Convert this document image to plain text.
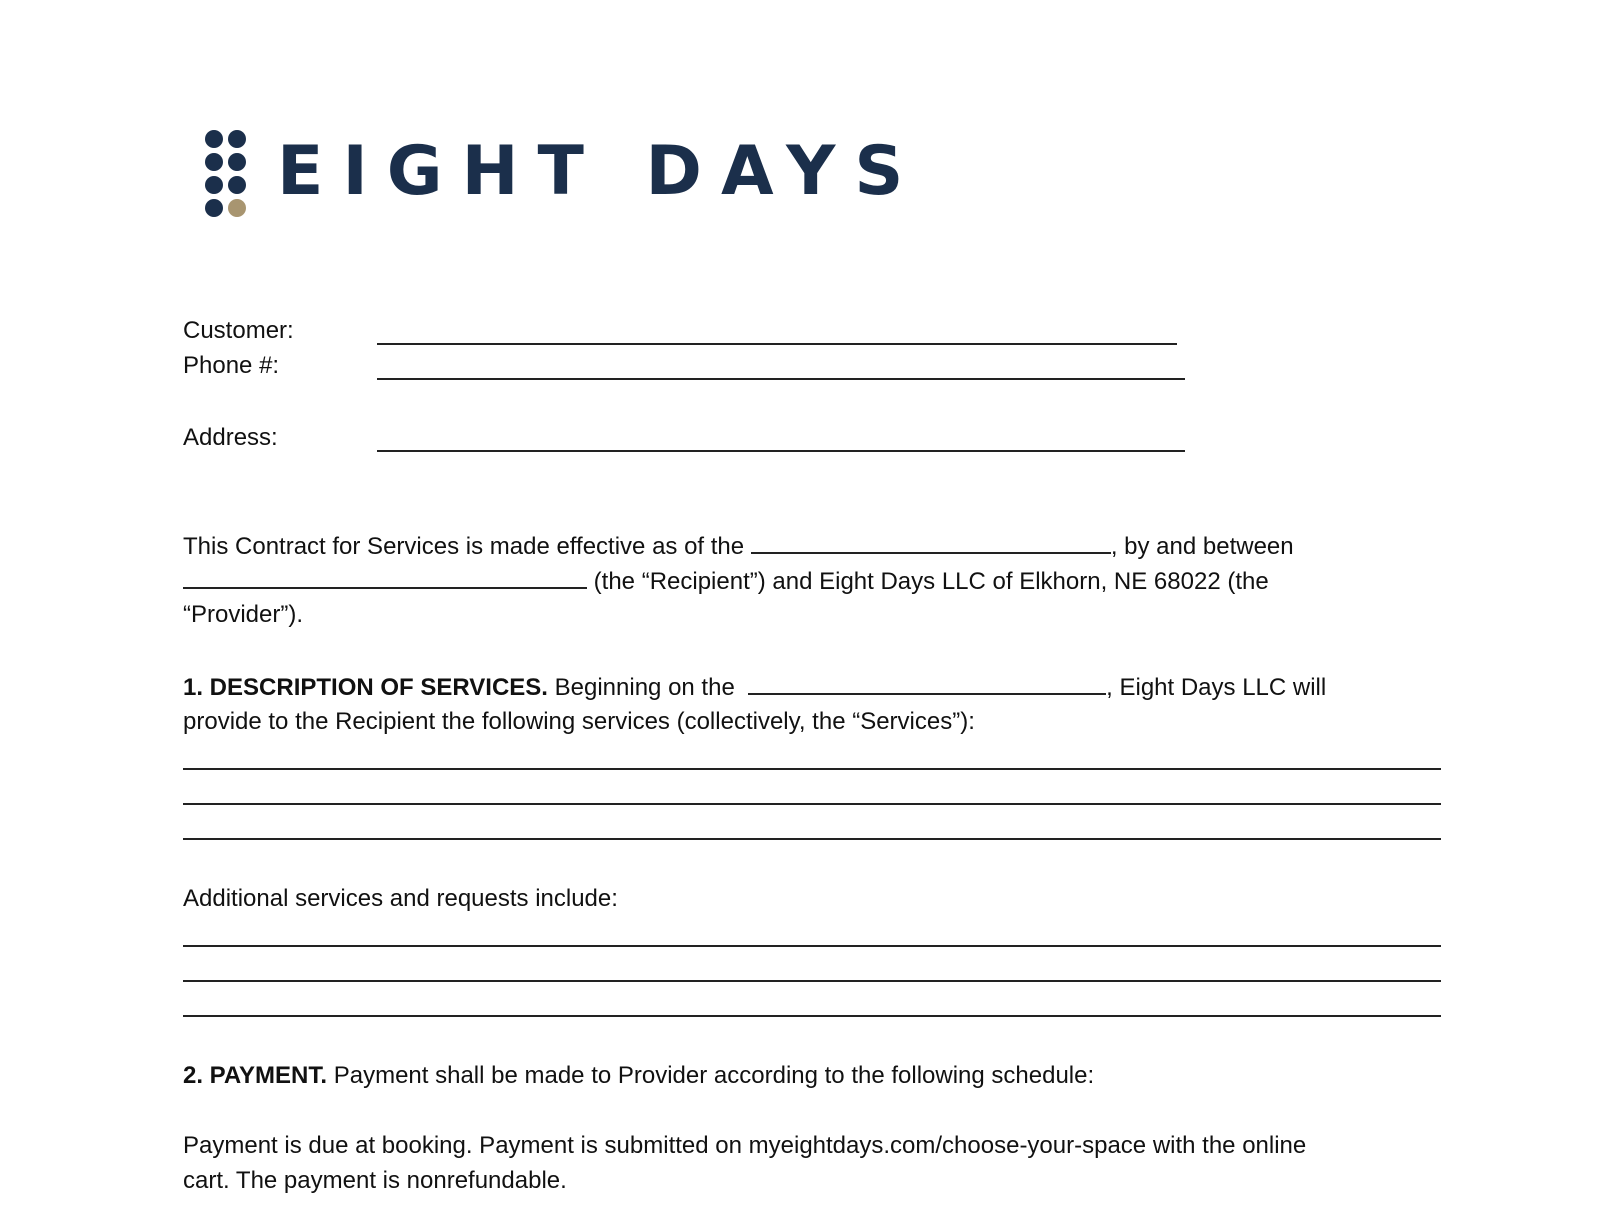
EIGHT DAYS
Customer:
Phone #:
Address:
This Contract for Services is made effective as of the	, by and between
(the “Recipient”) and Eight Days LLC of Elkhorn, NE 68022 (the
“Provider”).
1. DESCRIPTION OF SERVICES. Beginning on the	, Eight Days LLC will
provide to the Recipient the following services (collectively, the “Services”):
Additional services and requests include:
2. PAYMENT. Payment shall be made to Provider according to the following schedule:
Payment is due at booking. Payment is submitted on myeightdays.com/choose-your-space with the online
cart. The payment is nonrefundable.
